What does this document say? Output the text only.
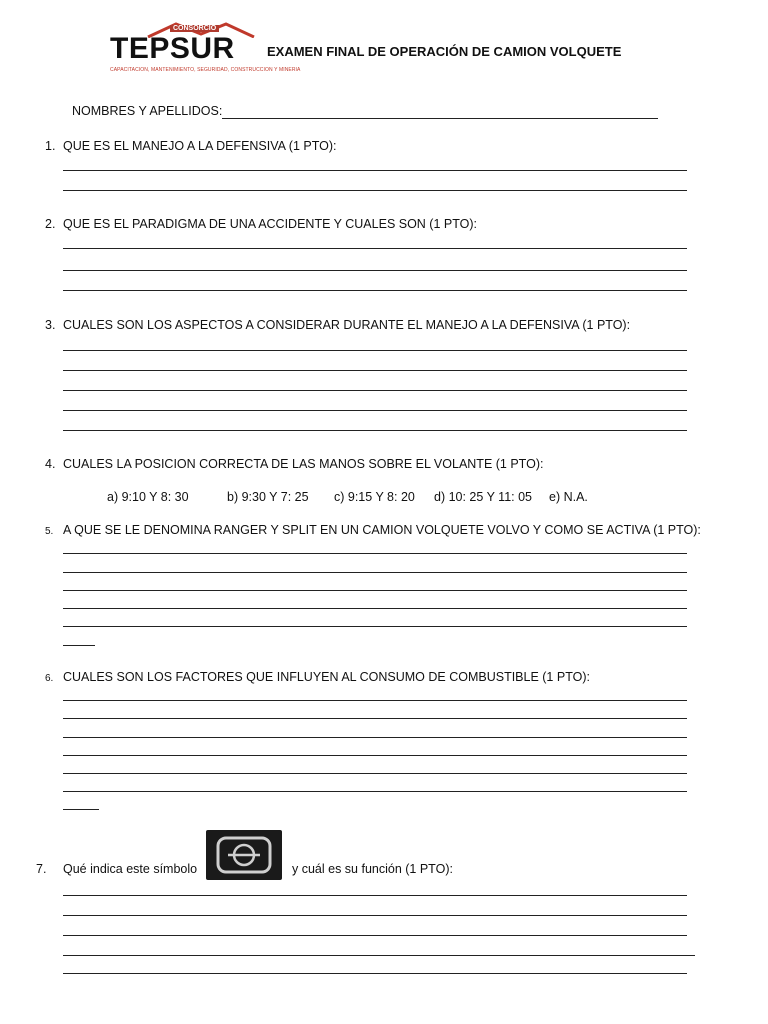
CONSORCIO
TEPSUR
CAPACITACION, MANTENIMIENTO, SEGURIDAD, CONSTRUCCION Y MINERIA
EXAMEN FINAL DE OPERACIÓN DE CAMION VOLQUETE
NOMBRES Y APELLIDOS:
1. QUE ES EL MANEJO A LA DEFENSIVA (1 PTO):
2. QUE ES EL PARADIGMA DE UNA ACCIDENTE Y CUALES SON (1 PTO):
3. CUALES SON LOS ASPECTOS A CONSIDERAR DURANTE EL MANEJO A LA DEFENSIVA (1 PTO):
4. CUALES LA POSICION CORRECTA DE LAS MANOS SOBRE EL VOLANTE (1 PTO):
a) 9:10 Y 8: 30	b) 9:30 Y 7: 25 c) 9:15 Y 8: 20 d) 10: 25 Y 11: 05 e) N.A.
5. A QUE SE LE DENOMINA RANGER Y SPLIT EN UN CAMION VOLQUETE VOLVO Y COMO SE ACTIVA (1 PTO):
6. CUALES SON LOS FACTORES QUE INFLUYEN AL CONSUMO DE COMBUSTIBLE (1 PTO):
7. Qué indica este símbolo	y cuál es su función (1 PTO):
